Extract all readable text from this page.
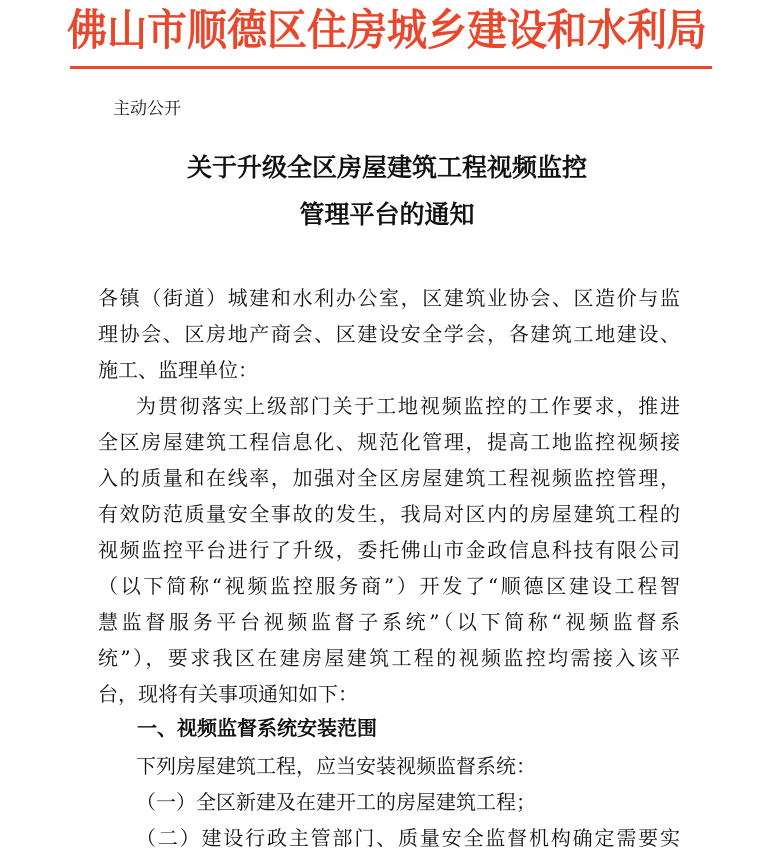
佛山市顺德区住房城乡建设和水利局
主动公开
关于升级全区房屋建筑工程视频监控
管理平台的通知
各镇（街道）城建和水利办公室，区建筑业协会、区造价与监
理协会、区房地产商会、区建设安全学会，各建筑工地建设、
施工、监理单位：
为贯彻落实上级部门关于工地视频监控的工作要求，推进
全区房屋建筑工程信息化、规范化管理，提高工地监控视频接
入的质量和在线率，加强对全区房屋建筑工程视频监控管理，
有效防范质量安全事故的发生，我局对区内的房屋建筑工程的
视频监控平台进行了升级，委托佛山市金政信息科技有限公司
（以下简称“视频监控服务商”）开发了“顺德区建设工程智
慧监督服务平台视频监督子系统”（以下简称“视频监督系
统”），要求我区在建房屋建筑工程的视频监控均需接入该平
台，现将有关事项通知如下：
一、视频监督系统安装范围
下列房屋建筑工程，应当安装视频监督系统：
（一）全区新建及在建开工的房屋建筑工程；
（二）建设行政主管部门、质量安全监督机构确定需要实
